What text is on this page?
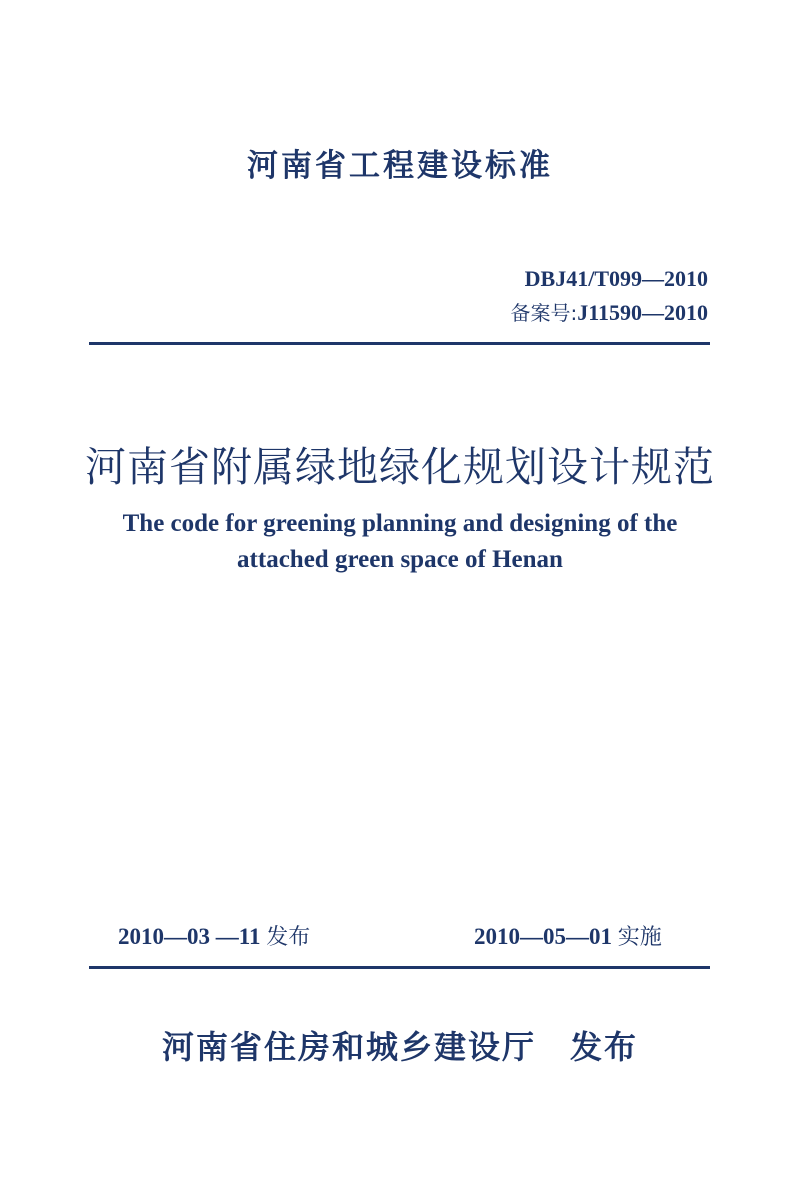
河南省工程建设标准
DBJ41/T099—2010
备案号:J11590—2010
河南省附属绿地绿化规划设计规范
The code for greening planning and designing of the
attached green space of Henan
2010—03 —11 发布	2010—05—01 实施
河南省住房和城乡建设厅 发布
